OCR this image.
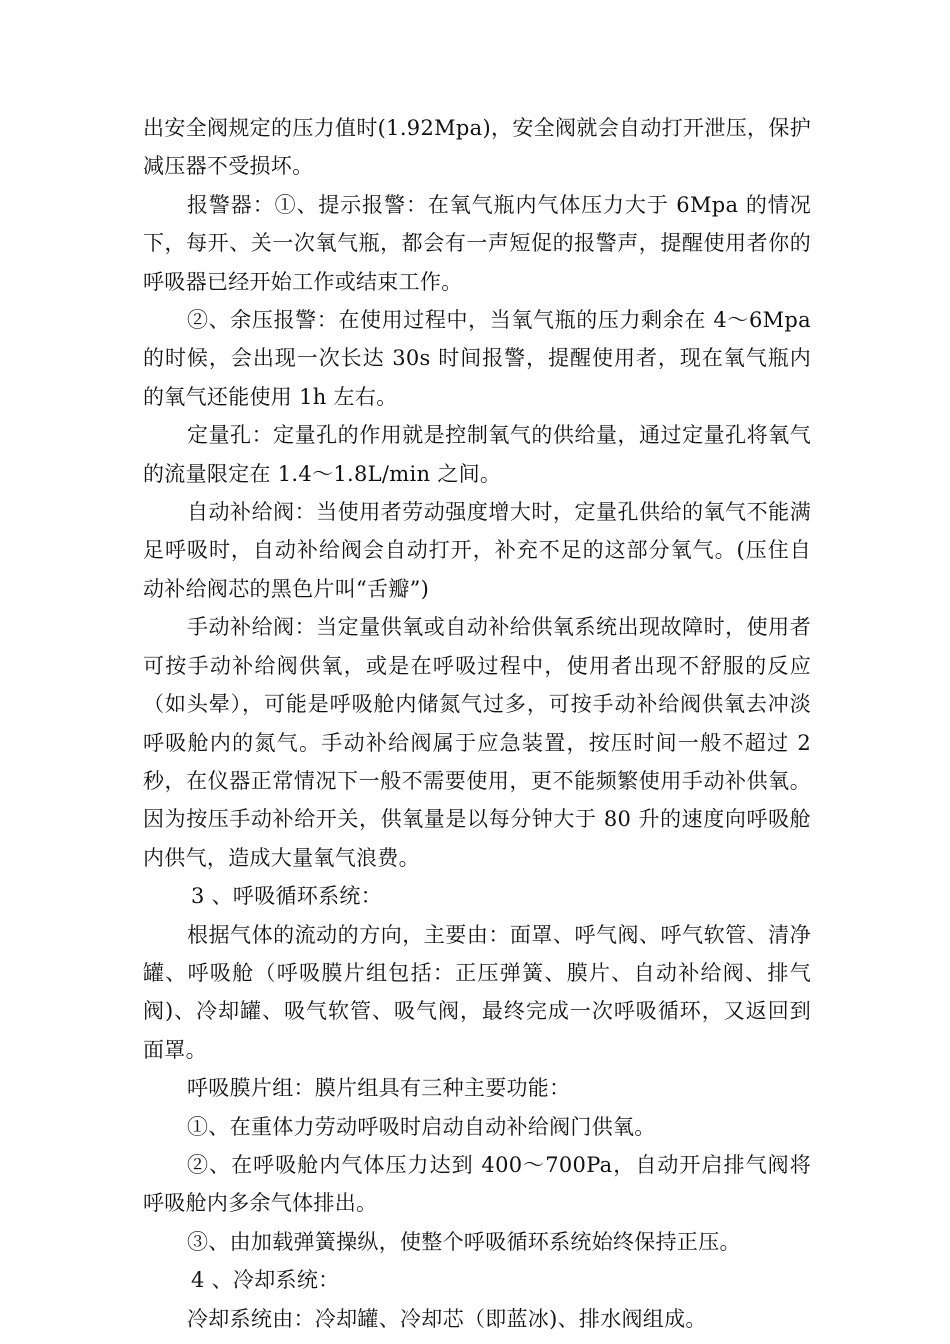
出安全阀规定的压力值时(1.92Mpa)，安全阀就会自动打开泄压，保护减压器不受损坏。

报警器：①、提示报警：在氧气瓶内气体压力大于 6Mpa 的情况下，每开、关一次氧气瓶，都会有一声短促的报警声，提醒使用者你的呼吸器已经开始工作或结束工作。

②、余压报警：在使用过程中，当氧气瓶的压力剩余在 4～6Mpa 的时候，会出现一次长达 30s 时间报警，提醒使用者，现在氧气瓶内的氧气还能使用 1h 左右。

定量孔：定量孔的作用就是控制氧气的供给量，通过定量孔将氧气的流量限定在 1.4～1.8L/min 之间。

自动补给阀：当使用者劳动强度增大时，定量孔供给的氧气不能满足呼吸时，自动补给阀会自动打开，补充不足的这部分氧气。(压住自动补给阀芯的黑色片叫“舌瓣”)

手动补给阀：当定量供氧或自动补给供氧系统出现故障时，使用者可按手动补给阀供氧，或是在呼吸过程中，使用者出现不舒服的反应（如头晕），可能是呼吸舱内储氮气过多，可按手动补给阀供氧去冲淡呼吸舱内的氮气。手动补给阀属于应急装置，按压时间一般不超过 2 秒，在仪器正常情况下一般不需要使用，更不能频繁使用手动补供氧。因为按压手动补给开关，供氧量是以每分钟大于 80 升的速度向呼吸舱内供气，造成大量氧气浪费。

3 、呼吸循环系统：

根据气体的流动的方向，主要由：面罩、呼气阀、呼气软管、清净罐、呼吸舱（呼吸膜片组包括：正压弹簧、膜片、自动补给阀、排气阀)、冷却罐、吸气软管、吸气阀，最终完成一次呼吸循环，又返回到面罩。

呼吸膜片组：膜片组具有三种主要功能：

①、在重体力劳动呼吸时启动自动补给阀门供氧。

②、在呼吸舱内气体压力达到 400～700Pa，自动开启排气阀将呼吸舱内多余气体排出。

③、由加载弹簧操纵，使整个呼吸循环系统始终保持正压。

4 、冷却系统：

冷却系统由：冷却罐、冷却芯（即蓝冰)、排水阀组成。
